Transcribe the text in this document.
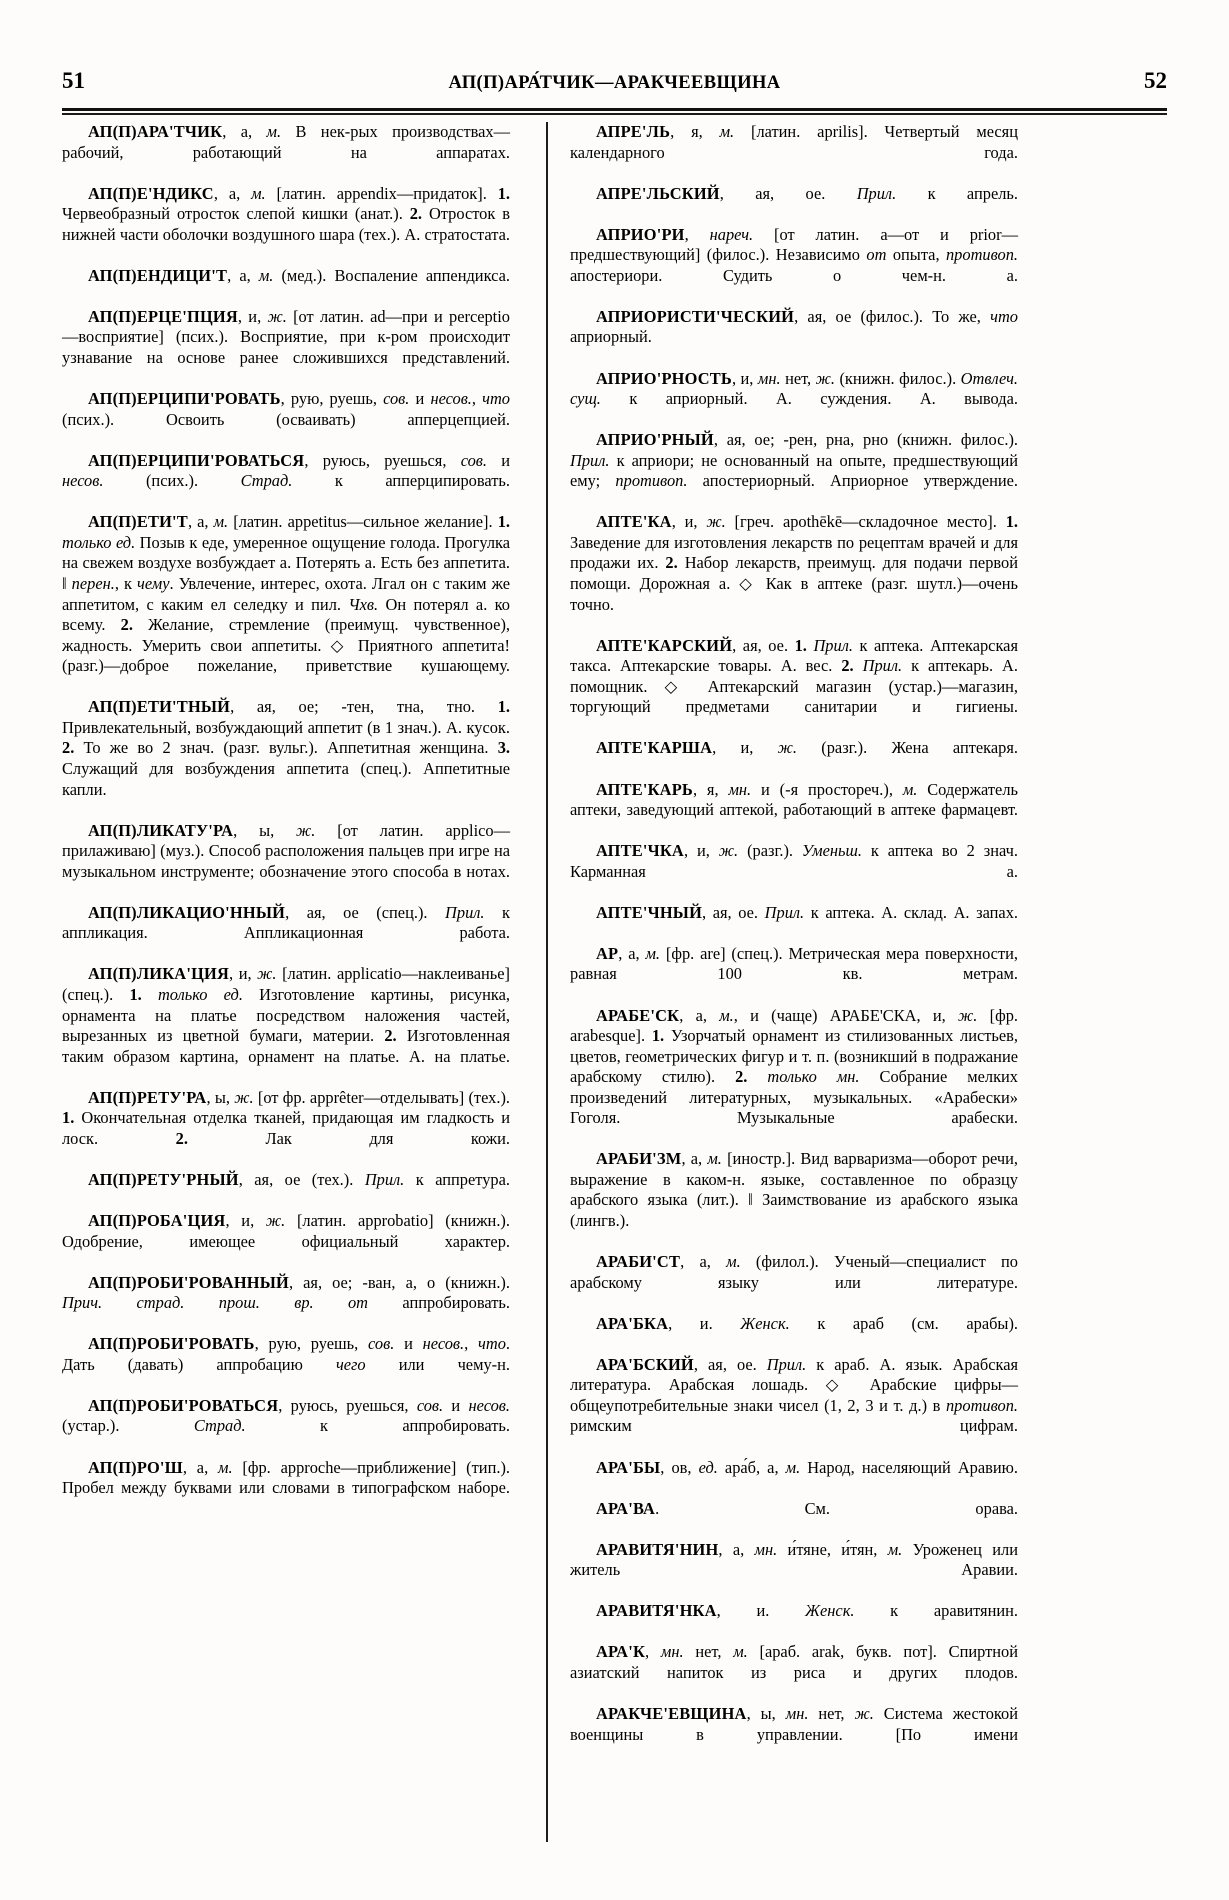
51	АП(П)АРА́ТЧИК—АРАКЧЕЕВЩИНА	52

АП(П)АРА'ТЧИК, а, м. В нек-рых производствах—рабочий, работающий на аппаратах.

АП(П)Е'НДИКС, а, м. [латин. appendix—придаток]. 1. Червеобразный отросток слепой кишки (анат.). 2. Отросток в нижней части оболочки воздушного шара (тех.). А. стратостата.

АП(П)ЕНДИЦИ'Т, а, м. (мед.). Воспаление аппендикса.

АП(П)ЕРЦЕ'ПЦИЯ, и, ж. [от латин. ad—при и perceptio—восприятие] (псих.). Восприятие, при к-ром происходит узнавание на основе ранее сложившихся представлений.

АП(П)ЕРЦИПИ'РОВАТЬ, рую, руешь, сов. и несов., что (псих.). Освоить (осваивать) апперцепцией.

АП(П)ЕРЦИПИ'РОВАТЬСЯ, руюсь, руешься, сов. и несов. (псих.). Страд. к апперципировать.

АП(П)ЕТИ'Т, а, м. [латин. appetitus—сильное желание]. 1. только ед. Позыв к еде, умеренное ощущение голода. Прогулка на свежем воздухе возбуждает а. Потерять а. Есть без аппетита. ‖ перен., к чему. Увлечение, интерес, охота. Лгал он с таким же аппетитом, с каким ел селедку и пил. Чхв. Он потерял а. ко всему. 2. Желание, стремление (преимущ. чувственное), жадность. Умерить свои аппетиты. ◇ Приятного аппетита! (разг.)—доброе пожелание, приветствие кушающему.

АП(П)ЕТИ'ТНЫЙ, ая, ое; -тен, тна, тно. 1. Привлекательный, возбуждающий аппетит (в 1 знач.). А. кусок. 2. То же во 2 знач. (разг. вульг.). Аппетитная женщина. 3. Служащий для возбуждения аппетита (спец.). Аппетитные капли.

АП(П)ЛИКАТУ'РА, ы, ж. [от латин. applico—прилаживаю] (муз.). Способ расположения пальцев при игре на музыкальном инструменте; обозначение этого способа в нотах.

АП(П)ЛИКАЦИО'ННЫЙ, ая, ое (спец.). Прил. к аппликация. Аппликационная работа.

АП(П)ЛИКА'ЦИЯ, и, ж. [латин. applicatio—наклеиванье] (спец.). 1. только ед. Изготовление картины, рисунка, орнамента на платье посредством наложения частей, вырезанных из цветной бумаги, материи. 2. Изготовленная таким образом картина, орнамент на платье. А. на платье.

АП(П)РЕТУ'РА, ы, ж. [от фр. apprêter—отделывать] (тех.). 1. Окончательная отделка тканей, придающая им гладкость и лоск. 2. Лак для кожи.

АП(П)РЕТУ'РНЫЙ, ая, ое (тех.). Прил. к аппретура.

АП(П)РОБА'ЦИЯ, и, ж. [латин. approbatio] (книжн.). Одобрение, имеющее официальный характер.

АП(П)РОБИ'РОВАННЫЙ, ая, ое; -ван, а, о (книжн.). Прич. страд. прош. вр. от аппробировать.

АП(П)РОБИ'РОВАТЬ, рую, руешь, сов. и несов., что. Дать (давать) аппробацию чего или чему-н.

АП(П)РОБИ'РОВАТЬСЯ, руюсь, руешься, сов. и несов. (устар.). Страд. к аппробировать.

АП(П)РО'Ш, а, м. [фр. approche—приближение] (тип.). Пробел между буквами или словами в типографском наборе.

АПРЕ'ЛЬ, я, м. [латин. aprilis]. Четвертый месяц календарного года.

АПРЕ'ЛЬСКИЙ, ая, ое. Прил. к апрель.

АПРИО'РИ, нареч. [от латин. а—от и prior—предшествующий] (филос.). Независимо от опыта, противоп. апостериори. Судить о чем-н. а.

АПРИОРИСТИ'ЧЕСКИЙ, ая, ое (филос.). То же, что априорный.

АПРИО'РНОСТЬ, и, мн. нет, ж. (книжн. филос.). Отвлеч. сущ. к априорный. А. суждения. А. вывода.

АПРИО'РНЫЙ, ая, ое; -рен, рна, рно (книжн. филос.). Прил. к априори; не основанный на опыте, предшествующий ему; противоп. апостериорный. Априорное утверждение.

АПТЕ'КА, и, ж. [греч. apothēkē—складочное место]. 1. Заведение для изготовления лекарств по рецептам врачей и для продажи их. 2. Набор лекарств, преимущ. для подачи первой помощи. Дорожная а. ◇ Как в аптеке (разг. шутл.)—очень точно.

АПТЕ'КАРСКИЙ, ая, ое. 1. Прил. к аптека. Аптекарская такса. Аптекарские товары. А. вес. 2. Прил. к аптекарь. А. помощник. ◇ Аптекарский магазин (устар.)—магазин, торгующий предметами санитарии и гигиены.

АПТЕ'КАРША, и, ж. (разг.). Жена аптекаря.

АПТЕ'КАРЬ, я, мн. и (-я простореч.), м. Содержатель аптеки, заведующий аптекой, работающий в аптеке фармацевт.

АПТЕ'ЧКА, и, ж. (разг.). Уменьш. к аптека во 2 знач. Карманная а.

АПТЕ'ЧНЫЙ, ая, ое. Прил. к аптека. А. склад. А. запах.

АР, а, м. [фр. are] (спец.). Метрическая мера поверхности, равная 100 кв. метрам.

АРАБЕ'СК, а, м., и (чаще) АРАБЕ'СКА, и, ж. [фр. arabesque]. 1. Узорчатый орнамент из стилизованных листьев, цветов, геометрических фигур и т. п. (возникший в подражание арабскому стилю). 2. только мн. Собрание мелких произведений литературных, музыкальных. «Арабески» Гоголя. Музыкальные арабески.

АРАБИ'ЗМ, а, м. [иностр.]. Вид варваризма—оборот речи, выражение в каком-н. языке, составленное по образцу арабского языка (лит.). ‖ Заимствование из арабского языка (лингв.).

АРАБИ'СТ, а, м. (филол.). Ученый—специалист по арабскому языку или литературе.

АРА'БКА, и. Женск. к араб (см. арабы).

АРА'БСКИЙ, ая, ое. Прил. к араб. А. язык. Арабская литература. Арабская лошадь. ◇ Арабские цифры—общеупотребительные знаки чисел (1, 2, 3 и т. д.) в противоп. римским цифрам.

АРА'БЫ, ов, ед. ара́б, а, м. Народ, населяющий Аравию.

АРА'ВА. См. орава.

АРАВИТЯ'НИН, а, мн. и́тяне, и́тян, м. Уроженец или житель Аравии.

АРАВИТЯ'НКА, и. Женск. к аравитянин.

АРА'К, мн. нет, м. [араб. arak, букв. пот]. Спиртной азиатский напиток из риса и других плодов.

АРАКЧЕ'ЕВЩИНА, ы, мн. нет, ж. Система жестокой военщины в управлении. [По имени
